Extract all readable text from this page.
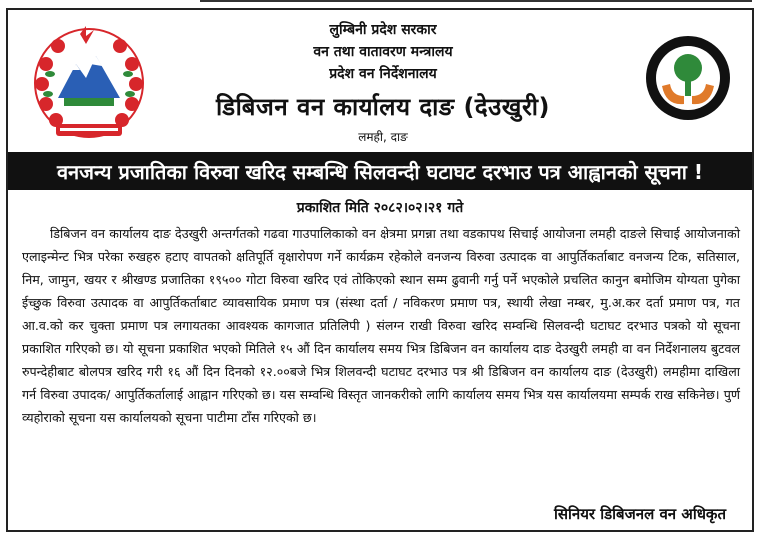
लुम्बिनी प्रदेश सरकार
वन तथा वातावरण मन्त्रालय
प्रदेश वन निर्देशनालय
डिबिजन वन कार्यालय दाङ (देउखुरी)
लमही, दाङ
वनजन्य प्रजातिका विरुवा खरिद सम्बन्धि सिलवन्दी घटाघट दरभाउ पत्र आह्वानको सूचना !
प्रकाशित मिति २०८२।०२।२१ गते

डिबिजन वन कार्यालय दाङ देउखुरी अन्तर्गतको गढवा गाउपालिकाको वन क्षेत्रमा प्रगन्ना तथा वडकापथ सिचाई आयोजना लमही दाङले सिचाई आयोजनाको एलाइन्मेन्ट भित्र परेका रुखहरु हटाए वापतको क्षतिपूर्ति वृक्षारोपण गर्ने कार्यक्रम रहेकोले वनजन्य विरुवा उत्पादक वा आपुर्तिकर्ताबाट वनजन्य टिक, सतिसाल, निम, जामुन, खयर र श्रीखण्ड प्रजातिका १९५०० गोटा विरुवा खरिद एवं तोकिएको स्थान सम्म ढुवानी गर्नु पर्ने भएकोले प्रचलित कानुन बमोजिम योग्यता पुगेका ईच्छुक विरुवा उत्पादक वा आपुर्तिकर्ताबाट व्यावसायिक प्रमाण पत्र (संस्था दर्ता / नविकरण प्रमाण पत्र, स्थायी लेखा नम्बर, मु.अ.कर दर्ता प्रमाण पत्र, गत आ.व.को कर चुक्ता प्रमाण पत्र लगायतका आवश्यक कागजात प्रतिलिपी ) संलग्न राखी विरुवा खरिद सम्वन्धि सिलवन्दी घटाघट दरभाउ पत्रको यो सूचना प्रकाशित गरिएको छ। यो सूचना प्रकाशित भएको मितिले १५ औं दिन कार्यालय समय भित्र डिबिजन वन कार्यालय दाङ देउखुरी लमही वा वन निर्देशनालय बुटवल रुपन्देहीबाट बोलपत्र खरिद गरी १६ औं दिन दिनको १२.००बजे भित्र शिलवन्दी घटाघट दरभाउ पत्र श्री डिबिजन वन कार्यालय दाङ (देउखुरी) लमहीमा दाखिला गर्न विरुवा उपादक/ आपुर्तिकर्तालाई आह्वान गरिएको छ। यस सम्वन्धि विस्तृत जानकरीको लागि कार्यालय समय भित्र यस कार्यालयमा सम्पर्क राख सकिनेछ। पुर्ण व्यहोराको सूचना यस कार्यालयको सूचना पाटीमा टाँस गरिएको छ।

सिनियर डिबिजनल वन अधिकृत
